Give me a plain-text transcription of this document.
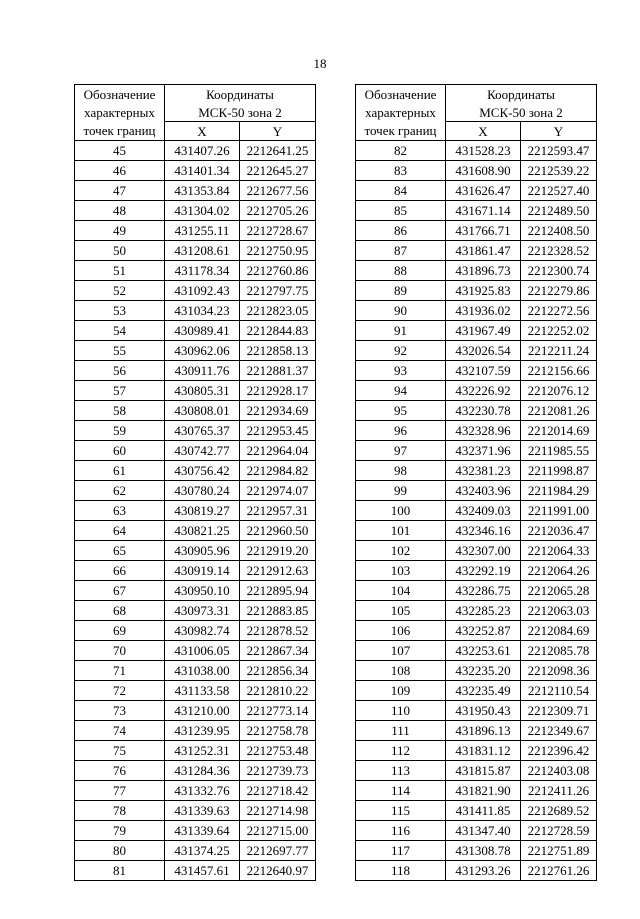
18
Обозначение	Координаты	
характерных	МСК-50 зона 2	
точек границ	X	Y
45	431407.26	2212641.25
46	431401.34	2212645.27
47	431353.84	2212677.56
48	431304.02	2212705.26
49	431255.11	2212728.67
50	431208.61	2212750.95
51	431178.34	2212760.86
52	431092.43	2212797.75
53	431034.23	2212823.05
54	430989.41	2212844.83
55	430962.06	2212858.13
56	430911.76	2212881.37
57	430805.31	2212928.17
58	430808.01	2212934.69
59	430765.37	2212953.45
60	430742.77	2212964.04
61	430756.42	2212984.82
62	430780.24	2212974.07
63	430819.27	2212957.31
64	430821.25	2212960.50
65	430905.96	2212919.20
66	430919.14	2212912.63
67	430950.10	2212895.94
68	430973.31	2212883.85
69	430982.74	2212878.52
70	431006.05	2212867.34
71	431038.00	2212856.34
72	431133.58	2212810.22
73	431210.00	2212773.14
74	431239.95	2212758.78
75	431252.31	2212753.48
76	431284.36	2212739.73
77	431332.76	2212718.42
78	431339.63	2212714.98
79	431339.64	2212715.00
80	431374.25	2212697.77
81	431457.61	2212640.97
Обозначение	Координаты	
характерных	МСК-50 зона 2	
точек границ	X	Y
82	431528.23	2212593.47
83	431608.90	2212539.22
84	431626.47	2212527.40
85	431671.14	2212489.50
86	431766.71	2212408.50
87	431861.47	2212328.52
88	431896.73	2212300.74
89	431925.83	2212279.86
90	431936.02	2212272.56
91	431967.49	2212252.02
92	432026.54	2212211.24
93	432107.59	2212156.66
94	432226.92	2212076.12
95	432230.78	2212081.26
96	432328.96	2212014.69
97	432371.96	2211985.55
98	432381.23	2211998.87
99	432403.96	2211984.29
100	432409.03	2211991.00
101	432346.16	2212036.47
102	432307.00	2212064.33
103	432292.19	2212064.26
104	432286.75	2212065.28
105	432285.23	2212063.03
106	432252.87	2212084.69
107	432253.61	2212085.78
108	432235.20	2212098.36
109	432235.49	2212110.54
110	431950.43	2212309.71
111	431896.13	2212349.67
112	431831.12	2212396.42
113	431815.87	2212403.08
114	431821.90	2212411.26
115	431411.85	2212689.52
116	431347.40	2212728.59
117	431308.78	2212751.89
118	431293.26	2212761.26
